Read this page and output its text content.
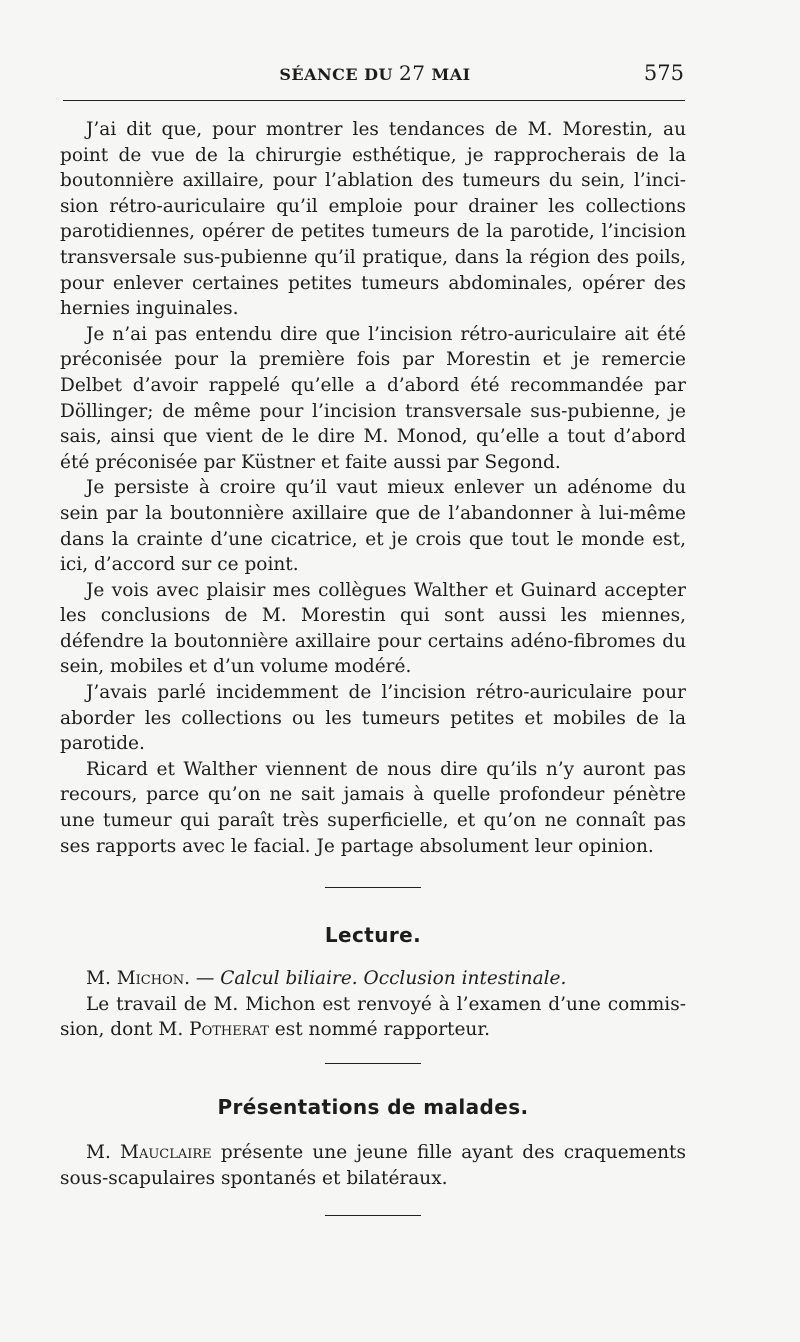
SÉANCE DU 27 MAI	575

J’ai dit que, pour montrer les tendances de M. Morestin, au point de vue de la chirurgie esthétique, je rapprocherais de la boutonnière axillaire, pour l’ablation des tumeurs du sein, l’incision rétro-auriculaire qu’il emploie pour drainer les collections parotidiennes, opérer de petites tumeurs de la parotide, l’incision transversale sus-pubienne qu’il pratique, dans la région des poils, pour enlever certaines petites tumeurs abdominales, opérer des hernies inguinales.

Je n’ai pas entendu dire que l’incision rétro-auriculaire ait été préconisée pour la première fois par Morestin et je remercie Delbet d’avoir rappelé qu’elle a d’abord été recommandée par Döllinger; de même pour l’incision transversale sus-pubienne, je sais, ainsi que vient de le dire M. Monod, qu’elle a tout d’abord été préconisée par Küstner et faite aussi par Segond.

Je persiste à croire qu’il vaut mieux enlever un adénome du sein par la boutonnière axillaire que de l’abandonner à lui-même dans la crainte d’une cicatrice, et je crois que tout le monde est, ici, d’accord sur ce point.

Je vois avec plaisir mes collègues Walther et Guinard accepter les conclusions de M. Morestin qui sont aussi les miennes, défendre la boutonnière axillaire pour certains adéno-fibromes du sein, mobiles et d’un volume modéré.

J’avais parlé incidemment de l’incision rétro-auriculaire pour aborder les collections ou les tumeurs petites et mobiles de la parotide.

Ricard et Walther viennent de nous dire qu’ils n’y auront pas recours, parce qu’on ne sait jamais à quelle profondeur pénètre une tumeur qui paraît très superficielle, et qu’on ne connaît pas ses rapports avec le facial. Je partage absolument leur opinion.

Lecture.

M. Michon. — Calcul biliaire. Occlusion intestinale.

Le travail de M. Michon est renvoyé à l’examen d’une commission, dont M. Potherat est nommé rapporteur.

Présentations de malades.

M. Mauclaire présente une jeune fille ayant des craquements sous-scapulaires spontanés et bilatéraux.
